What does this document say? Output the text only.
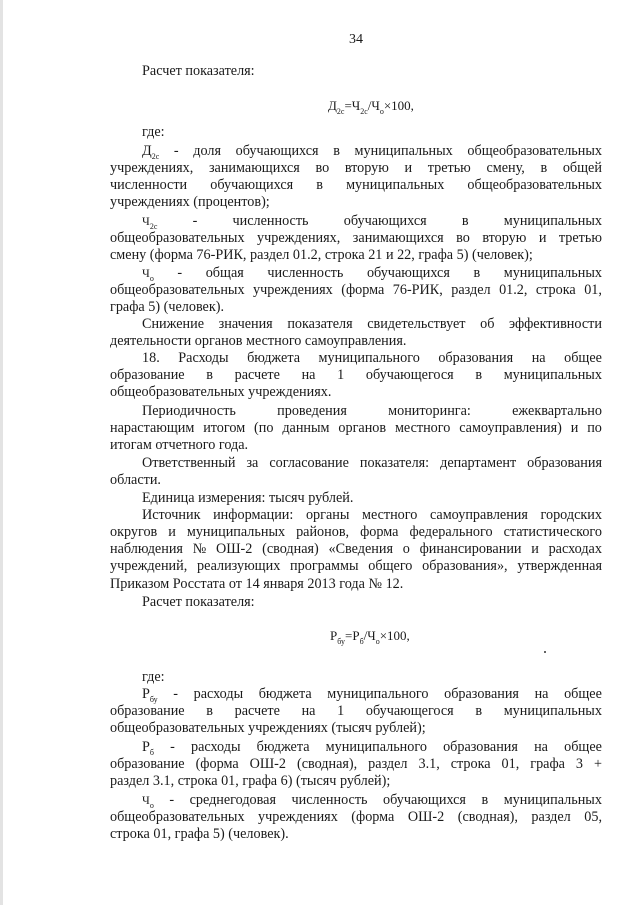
34
Расчет показателя:
где:
$Д_{2с}$ - доля обучающихся в муниципальных общеобразовательных
учреждениях, занимающихся во вторую и третью смену, в общей
численности обучающихся в муниципальных общеобразовательных
учреждениях (процентов);
$Ч_{2с}$ - численность обучающихся в муниципальных
общеобразовательных учреждениях, занимающихся во вторую и третью
смену (форма 76-РИК, раздел 01.2, строка 21 и 22, графа 5) (человек);
$Ч_о$ - общая численность обучающихся в муниципальных
общеобразовательных учреждениях (форма 76-РИК, раздел 01.2, строка 01,
графа 5) (человек).
Снижение значения показателя свидетельствует об эффективности
деятельности органов местного самоуправления.
18. Расходы бюджета муниципального образования на общее
образование в расчете на 1 обучающегося в муниципальных
общеобразовательных учреждениях.
Периодичность	проведения	мониторинга:	ежеквартально
нарастающим итогом (по данным органов местного самоуправления) и по
итогам отчетного года.
Ответственный за согласование показателя: департамент образования
области.
Единица измерения: тысяч рублей.
Источник информации: органы местного самоуправления городских
округов и муниципальных районов, форма федерального статистического
наблюдения № ОШ-2 (сводная) «Сведения о финансировании и расходах
учреждений, реализующих программы общего образования», утвержденная
Приказом Росстата от 14 января 2013 года № 12.
Расчет показателя:
где:
$Р_{бу}$ - расходы бюджета муниципального образования на общее
образование в расчете на 1 обучающегося в муниципальных
общеобразовательных учреждениях (тысяч рублей);
$Р_б$ - расходы бюджета муниципального образования на общее
образование (форма ОШ-2 (сводная), раздел 3.1, строка 01, графа 3 +
раздел 3.1, строка 01, графа 6) (тысяч рублей);
$Ч_о$ - среднегодовая численность обучающихся в муниципальных
общеобразовательных учреждениях (форма ОШ-2 (сводная), раздел 05,
строка 01, графа 5) (человек).
$Д_{2с}=Ч_{2с}/Ч_о\times 100$,
$Р_{бу}=Р_б/Ч_о\times 100$,
